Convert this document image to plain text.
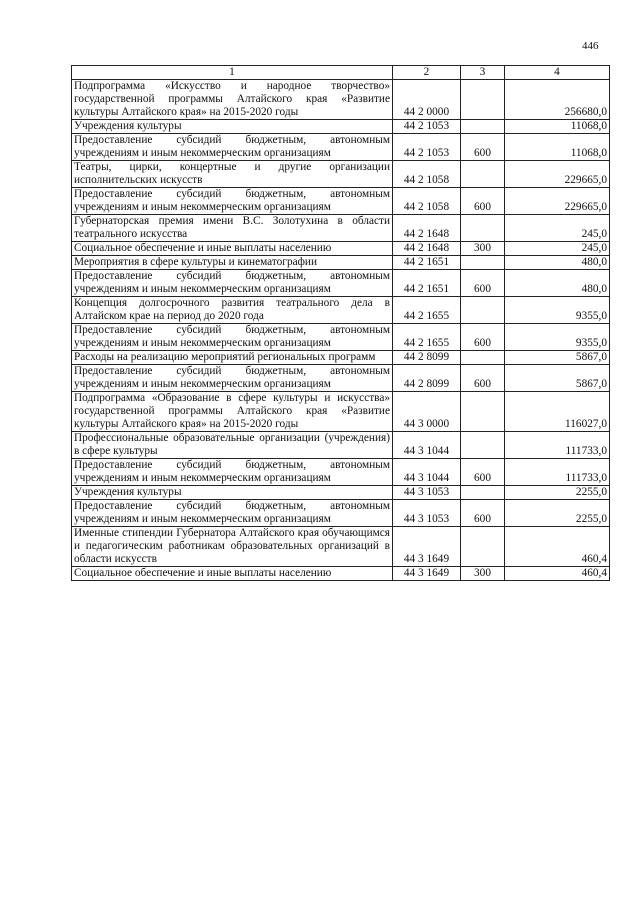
446
1	2	3	4
Подпрограмма «Искусство и народное творчество» государственной программы Алтайского края «Развитие культуры Алтайского края» на 2015-2020 годы	44 2 0000		256680,0
Учреждения культуры	44 2 1053		11068,0
Предоставление субсидий бюджетным, автономным учреждениям и иным некоммерческим организациям	44 2 1053	600	11068,0
Театры, цирки, концертные и другие организации исполнительских искусств	44 2 1058		229665,0
Предоставление субсидий бюджетным, автономным учреждениям и иным некоммерческим организациям	44 2 1058	600	229665,0
Губернаторская премия имени В.С. Золотухина в области театрального искусства	44 2 1648		245,0
Социальное обеспечение и иные выплаты населению	44 2 1648	300	245,0
Мероприятия в сфере культуры и кинематографии	44 2 1651		480,0
Предоставление субсидий бюджетным, автономным учреждениям и иным некоммерческим организациям	44 2 1651	600	480,0
Концепция долгосрочного развития театрального дела в Алтайском крае на период до 2020 года	44 2 1655		9355,0
Предоставление субсидий бюджетным, автономным учреждениям и иным некоммерческим организациям	44 2 1655	600	9355,0
Расходы на реализацию мероприятий региональных программ	44 2 8099		5867,0
Предоставление субсидий бюджетным, автономным учреждениям и иным некоммерческим организациям	44 2 8099	600	5867,0
Подпрограмма «Образование в сфере культуры и искусства» государственной программы Алтайского края «Развитие культуры Алтайского края» на 2015-2020 годы	44 3 0000		116027,0
Профессиональные образовательные организации (учреждения) в сфере культуры	44 3 1044		111733,0
Предоставление субсидий бюджетным, автономным учреждениям и иным некоммерческим организациям	44 3 1044	600	111733,0
Учреждения культуры	44 3 1053		2255,0
Предоставление субсидий бюджетным, автономным учреждениям и иным некоммерческим организациям	44 3 1053	600	2255,0
Именные стипендии Губернатора Алтайского края обучающимся и педагогическим работникам образовательных организаций в области искусств	44 3 1649		460,4
Социальное обеспечение и иные выплаты населению	44 3 1649	300	460,4
